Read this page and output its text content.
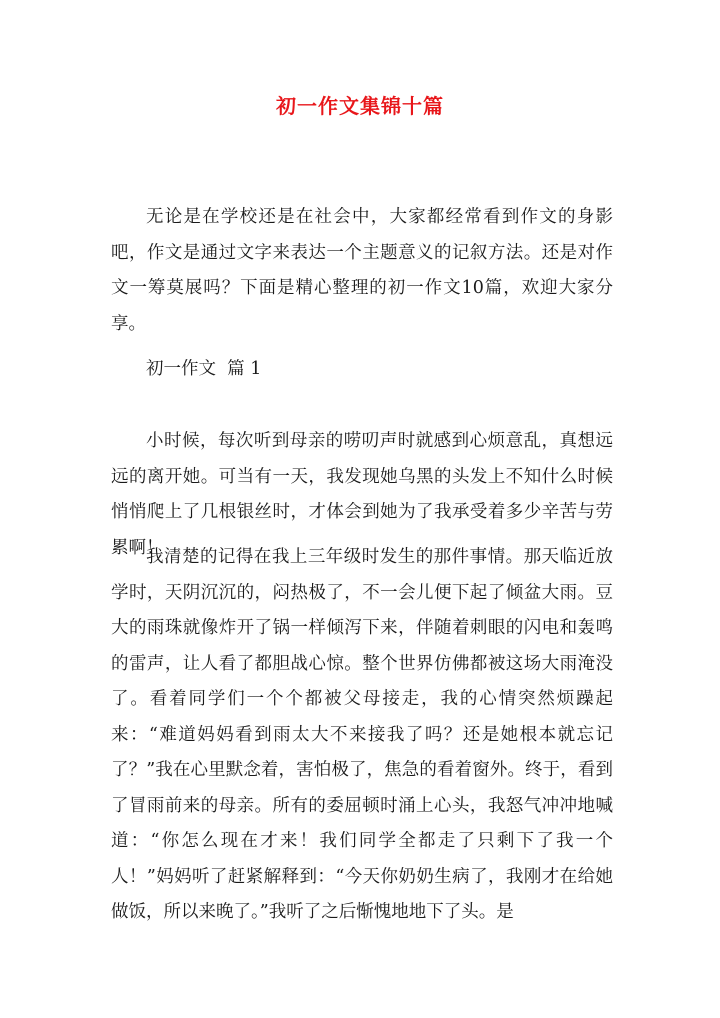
初一作文集锦十篇

无论是在学校还是在社会中，大家都经常看到作文的身影吧，作文是通过文字来表达一个主题意义的记叙方法。还是对作文一筹莫展吗？下面是精心整理的初一作文10篇，欢迎大家分享。

初一作文  篇 1

小时候，每次听到母亲的唠叨声时就感到心烦意乱，真想远远的离开她。可当有一天，我发现她乌黑的头发上不知什么时候悄悄爬上了几根银丝时，才体会到她为了我承受着多少辛苦与劳累啊！

我清楚的记得在我上三年级时发生的那件事情。那天临近放学时，天阴沉沉的，闷热极了，不一会儿便下起了倾盆大雨。豆大的雨珠就像炸开了锅一样倾泻下来，伴随着刺眼的闪电和轰鸣的雷声，让人看了都胆战心惊。整个世界仿佛都被这场大雨淹没了。看着同学们一个个都被父母接走，我的心情突然烦躁起来：“难道妈妈看到雨太大不来接我了吗？还是她根本就忘记了？”我在心里默念着，害怕极了，焦急的看着窗外。终于，看到了冒雨前来的母亲。所有的委屈顿时涌上心头，我怒气冲冲地喊道：“你怎么现在才来！我们同学全都走了只剩下了我一个人！”妈妈听了赶紧解释到：“今天你奶奶生病了，我刚才在给她做饭，所以来晚了。”我听了之后惭愧地地下了头。是
